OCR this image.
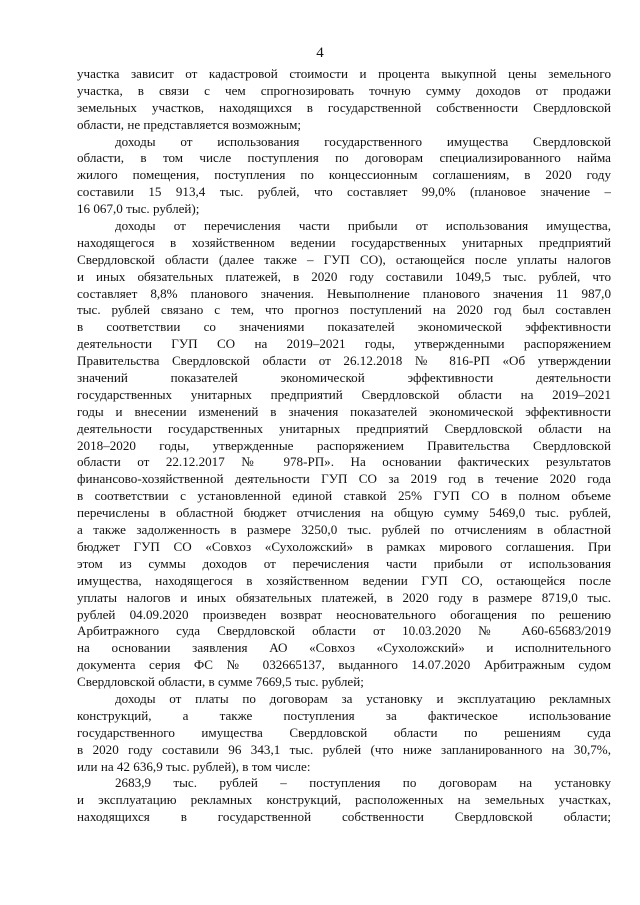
4
участка зависит от кадастровой стоимости и процента выкупной цены земельного
участка, в связи с чем спрогнозировать точную сумму доходов от продажи
земельных участков, находящихся в государственной собственности Свердловской
области, не представляется возможным;
доходы от использования государственного имущества Свердловской
области, в том числе поступления по договорам специализированного найма
жилого помещения, поступления по концессионным соглашениям, в 2020 году
составили 15 913,4 тыс. рублей, что составляет 99,0% (плановое значение –
16 067,0 тыс. рублей);
доходы от перечисления части прибыли от использования имущества,
находящегося в хозяйственном ведении государственных унитарных предприятий
Свердловской области (далее также – ГУП СО), остающейся после уплаты налогов
и иных обязательных платежей, в 2020 году составили 1049,5 тыс. рублей, что
составляет 8,8% планового значения. Невыполнение планового значения 11 987,0
тыс. рублей связано с тем, что прогноз поступлений на 2020 год был составлен
в соответствии со значениями показателей экономической эффективности
деятельности ГУП СО на 2019–2021 годы, утвержденными распоряжением
Правительства Свердловской области от 26.12.2018 № 816-РП «Об утверждении
значений показателей экономической эффективности деятельности
государственных унитарных предприятий Свердловской области на 2019–2021
годы и внесении изменений в значения показателей экономической эффективности
деятельности государственных унитарных предприятий Свердловской области на
2018–2020 годы, утвержденные распоряжением Правительства Свердловской
области от 22.12.2017 № 978-РП». На основании фактических результатов
финансово-хозяйственной деятельности ГУП СО за 2019 год в течение 2020 года
в соответствии с установленной единой ставкой 25% ГУП СО в полном объеме
перечислены в областной бюджет отчисления на общую сумму 5469,0 тыс. рублей,
а также задолженность в размере 3250,0 тыс. рублей по отчислениям в областной
бюджет ГУП СО «Совхоз «Сухоложский» в рамках мирового соглашения. При
этом из суммы доходов от перечисления части прибыли от использования
имущества, находящегося в хозяйственном ведении ГУП СО, остающейся после
уплаты налогов и иных обязательных платежей, в 2020 году в размере 8719,0 тыс.
рублей 04.09.2020 произведен возврат неосновательного обогащения по решению
Арбитражного суда Свердловской области от 10.03.2020 № А60-65683/2019
на основании заявления АО «Совхоз «Сухоложский» и исполнительного
документа серия ФС № 032665137, выданного 14.07.2020 Арбитражным судом
Свердловской области, в сумме 7669,5 тыс. рублей;
доходы от платы по договорам за установку и эксплуатацию рекламных
конструкций, а также поступления за фактическое использование
государственного имущества Свердловской области по решениям суда
в 2020 году составили 96 343,1 тыс. рублей (что ниже запланированного на 30,7%,
или на 42 636,9 тыс. рублей), в том числе:
2683,9 тыс. рублей – поступления по договорам на установку
и эксплуатацию рекламных конструкций, расположенных на земельных участках,
находящихся в государственной собственности Свердловской области;
